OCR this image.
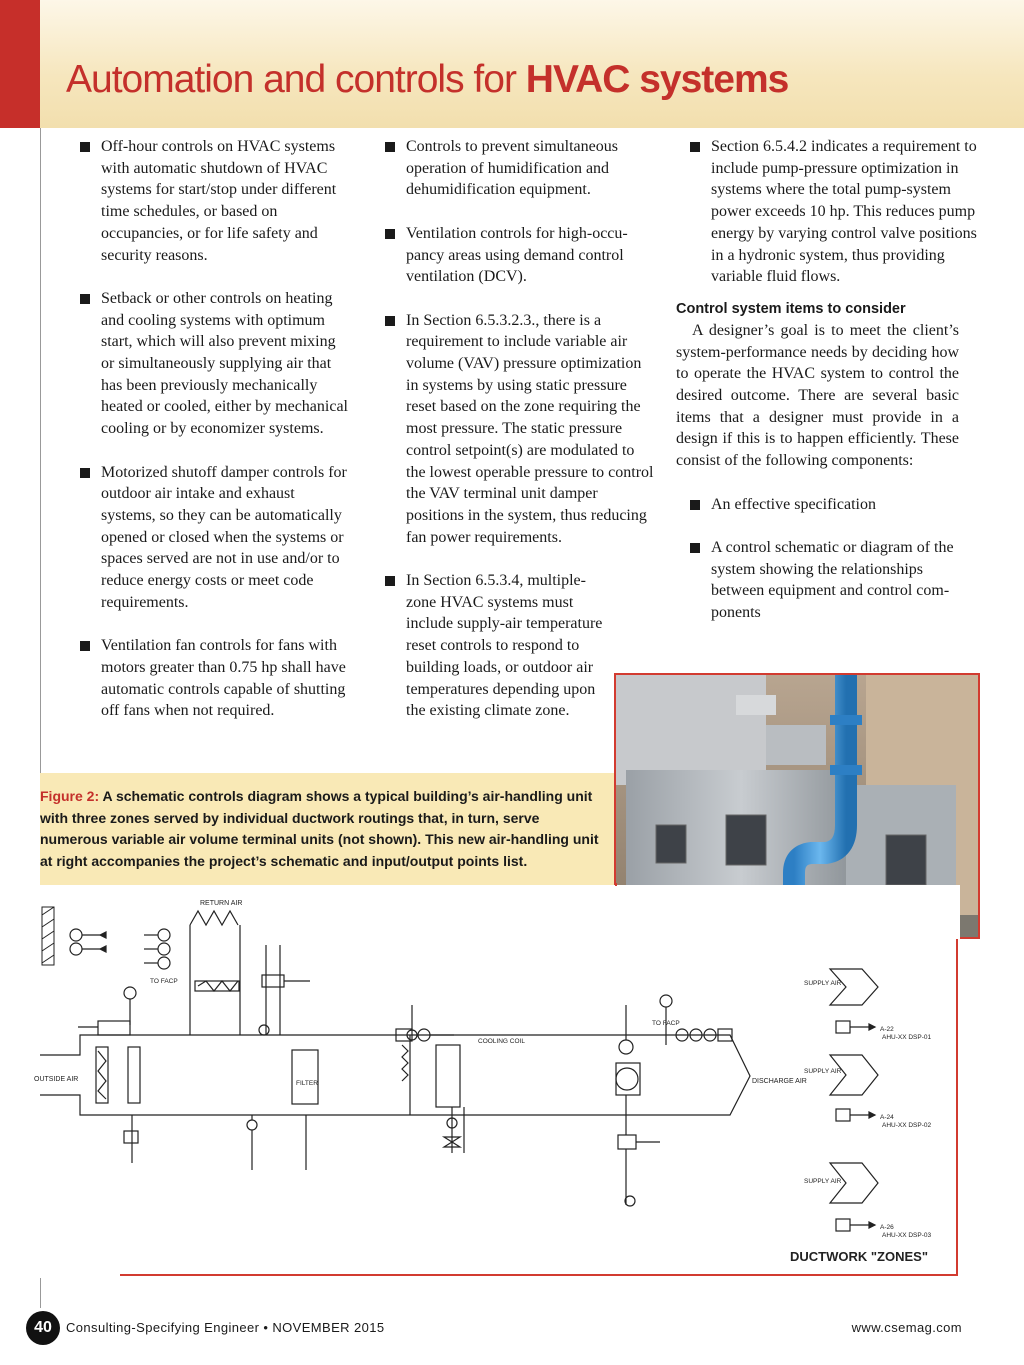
Automation and controls for HVAC systems
Off-hour controls on HVAC systems with automatic shutdown of HVAC systems for start/stop under different time schedules, or based on occupancies, or for life safety and security reasons.
Setback or other controls on heating and cooling systems with optimum start, which will also prevent mixing or simultaneously supplying air that has been previously mechanically heated or cooled, either by mechanical cooling or by economizer systems.
Motorized shutoff damper controls for outdoor air intake and exhaust systems, so they can be automatically opened or closed when the systems or spaces served are not in use and/or to reduce energy costs or meet code requirements.
Ventilation fan controls for fans with motors greater than 0.75 hp shall have automatic controls capable of shutting off fans when not required.
Controls to prevent simultaneous operation of humidification and dehumidification equipment.
Ventilation controls for high-occupancy areas using demand control ventilation (DCV).
In Section 6.5.3.2.3., there is a requirement to include variable air volume (VAV) pressure optimization in systems by using static pressure reset based on the zone requiring the most pressure. The static pressure control setpoint(s) are modulated to the lowest operable pressure to control the VAV terminal unit damper positions in the system, thus reducing fan power requirements.
In Section 6.5.3.4, multiple-zone HVAC systems must include supply-air temperature reset controls to respond to building loads, or outdoor air temperatures depending upon the existing climate zone.
Section 6.5.4.2 indicates a requirement to include pump-pressure optimization in systems where the total pump-system power exceeds 10 hp. This reduces pump energy by varying control valve positions in a hydronic system, thus providing variable fluid flows.
Control system items to consider
A designer’s goal is to meet the client’s system-performance needs by deciding how to operate the HVAC system to control the desired outcome. There are several basic items that a designer must provide in a design if this is to happen efficiently. These consist of the following components:
An effective specification
A control schematic or diagram of the system showing the relationships between equipment and control components
Figure 2: A schematic controls diagram shows a typical building’s air-handling unit with three zones served by individual ductwork routings that, in turn, serve numerous variable air volume terminal units (not shown). This new air-handling unit at right accompanies the project’s schematic and input/output points list.
RETURN AIR
OUTSIDE AIR	DISCHARGE AIR
SUPPLY AIR
SUPPLY AIR
SUPPLY AIR
FILTER
COOLING COIL
TO FACP
TO FACP
A-22
AHU-XX DSP-01
A-24
AHU-XX DSP-02
A-26
AHU-XX DSP-03
DUCTWORK "ZONES"
40	Consulting-Specifying Engineer • NOVEMBER 2015	www.csemag.com
